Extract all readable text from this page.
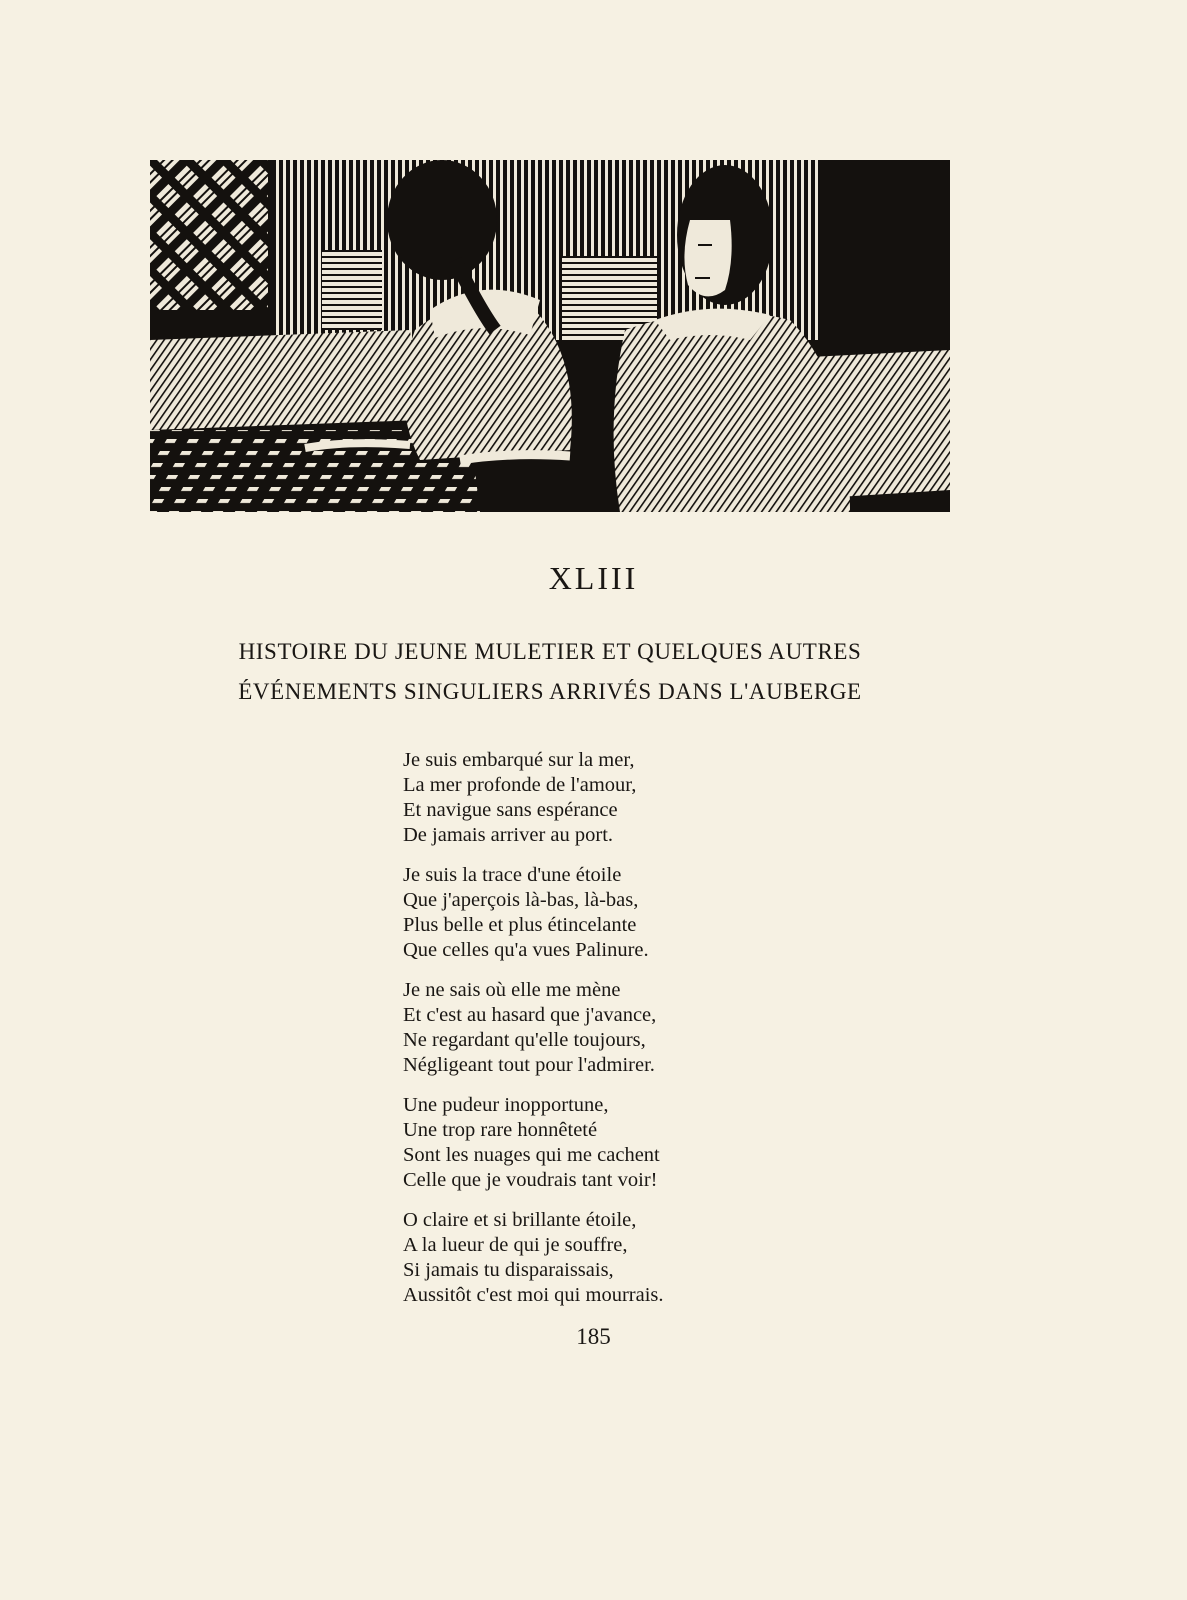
XLIII
HISTOIRE DU JEUNE MULETIER ET QUELQUES AUTRES
ÉVÉNEMENTS SINGULIERS ARRIVÉS DANS L'AUBERGE
Je suis embarqué sur la mer,
La mer profonde de l'amour,
Et navigue sans espérance
De jamais arriver au port.
Je suis la trace d'une étoile
Que j'aperçois là-bas, là-bas,
Plus belle et plus étincelante
Que celles qu'a vues Palinure.
Je ne sais où elle me mène
Et c'est au hasard que j'avance,
Ne regardant qu'elle toujours,
Négligeant tout pour l'admirer.
Une pudeur inopportune,
Une trop rare honnêteté
Sont les nuages qui me cachent
Celle que je voudrais tant voir!
O claire et si brillante étoile,
A la lueur de qui je souffre,
Si jamais tu disparaissais,
Aussitôt c'est moi qui mourrais.
185
